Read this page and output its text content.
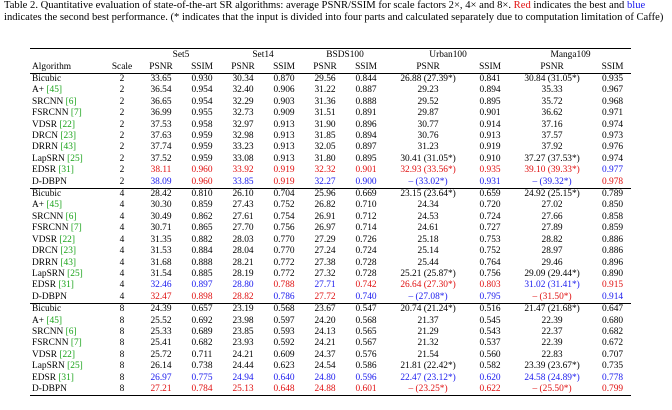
Table 2. Quantitative evaluation of state-of-the-art SR algorithms: average PSNR/SSIM for scale factors 2×, 4× and 8×. Red indicates the best and blue indicates the second best performance. (* indicates that the input is divided into four parts and calculated separately due to computation limitation of Caffe)
		Set5		Set14		BSDS100		Urban100		Manga109	
Algorithm	Scale	PSNR	SSIM	PSNR	SSIM	PSNR	SSIM	PSNR	SSIM	PSNR	SSIM
Bicubic	2	33.65	0.930	30.34	0.870	29.56	0.844	26.88 (27.39*)	0.841	30.84 (31.05*)	0.935
A+ [45]	2	36.54	0.954	32.40	0.906	31.22	0.887	29.23	0.894	35.33	0.967
SRCNN [6]	2	36.65	0.954	32.29	0.903	31.36	0.888	29.52	0.895	35.72	0.968
FSRCNN [7]	2	36.99	0.955	32.73	0.909	31.51	0.891	29.87	0.901	36.62	0.971
VDSR [22]	2	37.53	0.958	32.97	0.913	31.90	0.896	30.77	0.914	37.16	0.974
DRCN [23]	2	37.63	0.959	32.98	0.913	31.85	0.894	30.76	0.913	37.57	0.973
DRRN [43]	2	37.74	0.959	33.23	0.913	32.05	0.897	31.23	0.919	37.92	0.976
LapSRN [25]	2	37.52	0.959	33.08	0.913	31.80	0.895	30.41 (31.05*)	0.910	37.27 (37.53*)	0.974
EDSR [31]	2	38.11	0.960	33.92	0.919	32.32	0.901	32.93 (33.56*)	0.935	39.10 (39.33*)	0.977
D-DBPN	2	38.09	0.960	33.85	0.919	32.27	0.900	– (33.02*)	0.931	– (39.32*)	0.978
Bicubic	4	28.42	0.810	26.10	0.704	25.96	0.669	23.15 (23.64*)	0.659	24.92 (25.15*)	0.789
A+ [45]	4	30.30	0.859	27.43	0.752	26.82	0.710	24.34	0.720	27.02	0.850
SRCNN [6]	4	30.49	0.862	27.61	0.754	26.91	0.712	24.53	0.724	27.66	0.858
FSRCNN [7]	4	30.71	0.865	27.70	0.756	26.97	0.714	24.61	0.727	27.89	0.859
VDSR [22]	4	31.35	0.882	28.03	0.770	27.29	0.726	25.18	0.753	28.82	0.886
DRCN [23]	4	31.53	0.884	28.04	0.770	27.24	0.724	25.14	0.752	28.97	0.886
DRRN [43]	4	31.68	0.888	28.21	0.772	27.38	0.728	25.44	0.764	29.46	0.896
LapSRN [25]	4	31.54	0.885	28.19	0.772	27.32	0.728	25.21 (25.87*)	0.756	29.09 (29.44*)	0.890
EDSR [31]	4	32.46	0.897	28.80	0.788	27.71	0.742	26.64 (27.30*)	0.803	31.02 (31.41*)	0.915
D-DBPN	4	32.47	0.898	28.82	0.786	27.72	0.740	– (27.08*)	0.795	– (31.50*)	0.914
Bicubic	8	24.39	0.657	23.19	0.568	23.67	0.547	20.74 (21.24*)	0.516	21.47 (21.68*)	0.647
A+ [45]	8	25.52	0.692	23.98	0.597	24.20	0.568	21.37	0.545	22.39	0.680
SRCNN [6]	8	25.33	0.689	23.85	0.593	24.13	0.565	21.29	0.543	22.37	0.682
FSRCNN [7]	8	25.41	0.682	23.93	0.592	24.21	0.567	21.32	0.537	22.39	0.672
VDSR [22]	8	25.72	0.711	24.21	0.609	24.37	0.576	21.54	0.560	22.83	0.707
LapSRN [25]	8	26.14	0.738	24.44	0.623	24.54	0.586	21.81 (22.42*)	0.582	23.39 (23.67*)	0.735
EDSR [31]	8	26.97	0.775	24.94	0.640	24.80	0.596	22.47 (23.12*)	0.620	24.58 (24.89*)	0.778
D-DBPN	8	27.21	0.784	25.13	0.648	24.88	0.601	– (23.25*)	0.622	– (25.50*)	0.799
